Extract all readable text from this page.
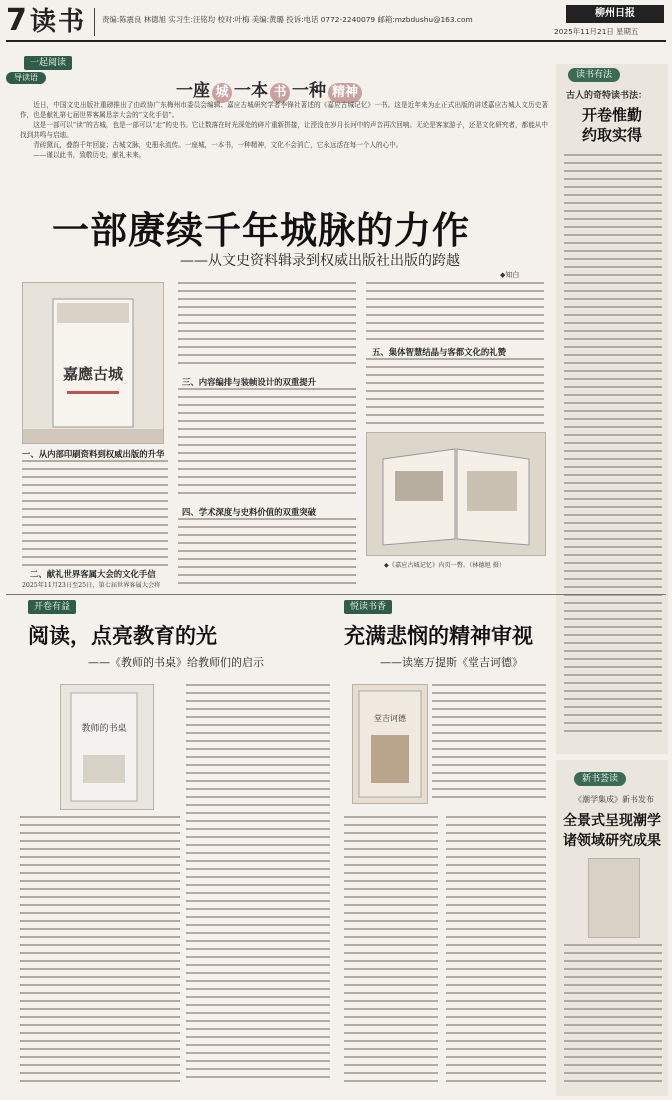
7 读书 责编:陈震良 林德旭 实习生:汪铭均 校对:叶梅 美编:黄璐 投诉:电话 0772-2240079 邮箱:mzbdushu@163.com
柳州日报
2025年11月21日 星期五
一起阅读
导读语
一座 城 一本 书 一种 精神

近日，中国文史出版社重磅推出了由政协广东梅州市委员会编辑、嘉应古城研究学者李锋社著述的《嘉应古城记忆》一书。这是近年来为止正式出版的讲述嘉应古城人文历史著作，也是献礼第七届世界客属恳亲大会的“文化手信”。

这是一部可以“读”的古城，也是一部可以“走”的史书。它让数落在时光深处的碎片重新拼接，让湮没在岁月长河中的声音再次回响。无论是客家游子，还是文化研究者，都能从中找到共鸣与启迪。

青砖黛瓦，叠韵千年回旋；古城文脉，史册永流传。一座城，一本书，一种精神，文化不会消亡，它永远活在每一个人的心中。

——谨以此书，致敬历史，献礼未来。

一部赓续千年城脉的力作
——从文史资料辑录到权威出版社出版的跨越
◆知白
嘉應古城
一、从内部印刷资料到权威出版的升华
二、献礼世界客属大会的文化手信
2025年11月23日至25日，第七届世界客属大会将
三、内容编排与装帧设计的双重提升
四、学术深度与史料价值的双重突破
五、集体智慧结晶与客都文化的礼赞
◆《嘉应古城记忆》内页一瞥。（林德旭 摄）
读书有法
古人的奇特读书法：
开卷惟勤
约取实得
开卷有益
阅读，点亮教育的光
——《教师的书桌》给教师们的启示
教师的书桌
悦读书香
充满悲悯的精神审视
——读塞万提斯《堂吉诃德》
堂吉诃德
新书荟读
《潮学集成》新书发布
全景式呈现潮学
诸领域研究成果
